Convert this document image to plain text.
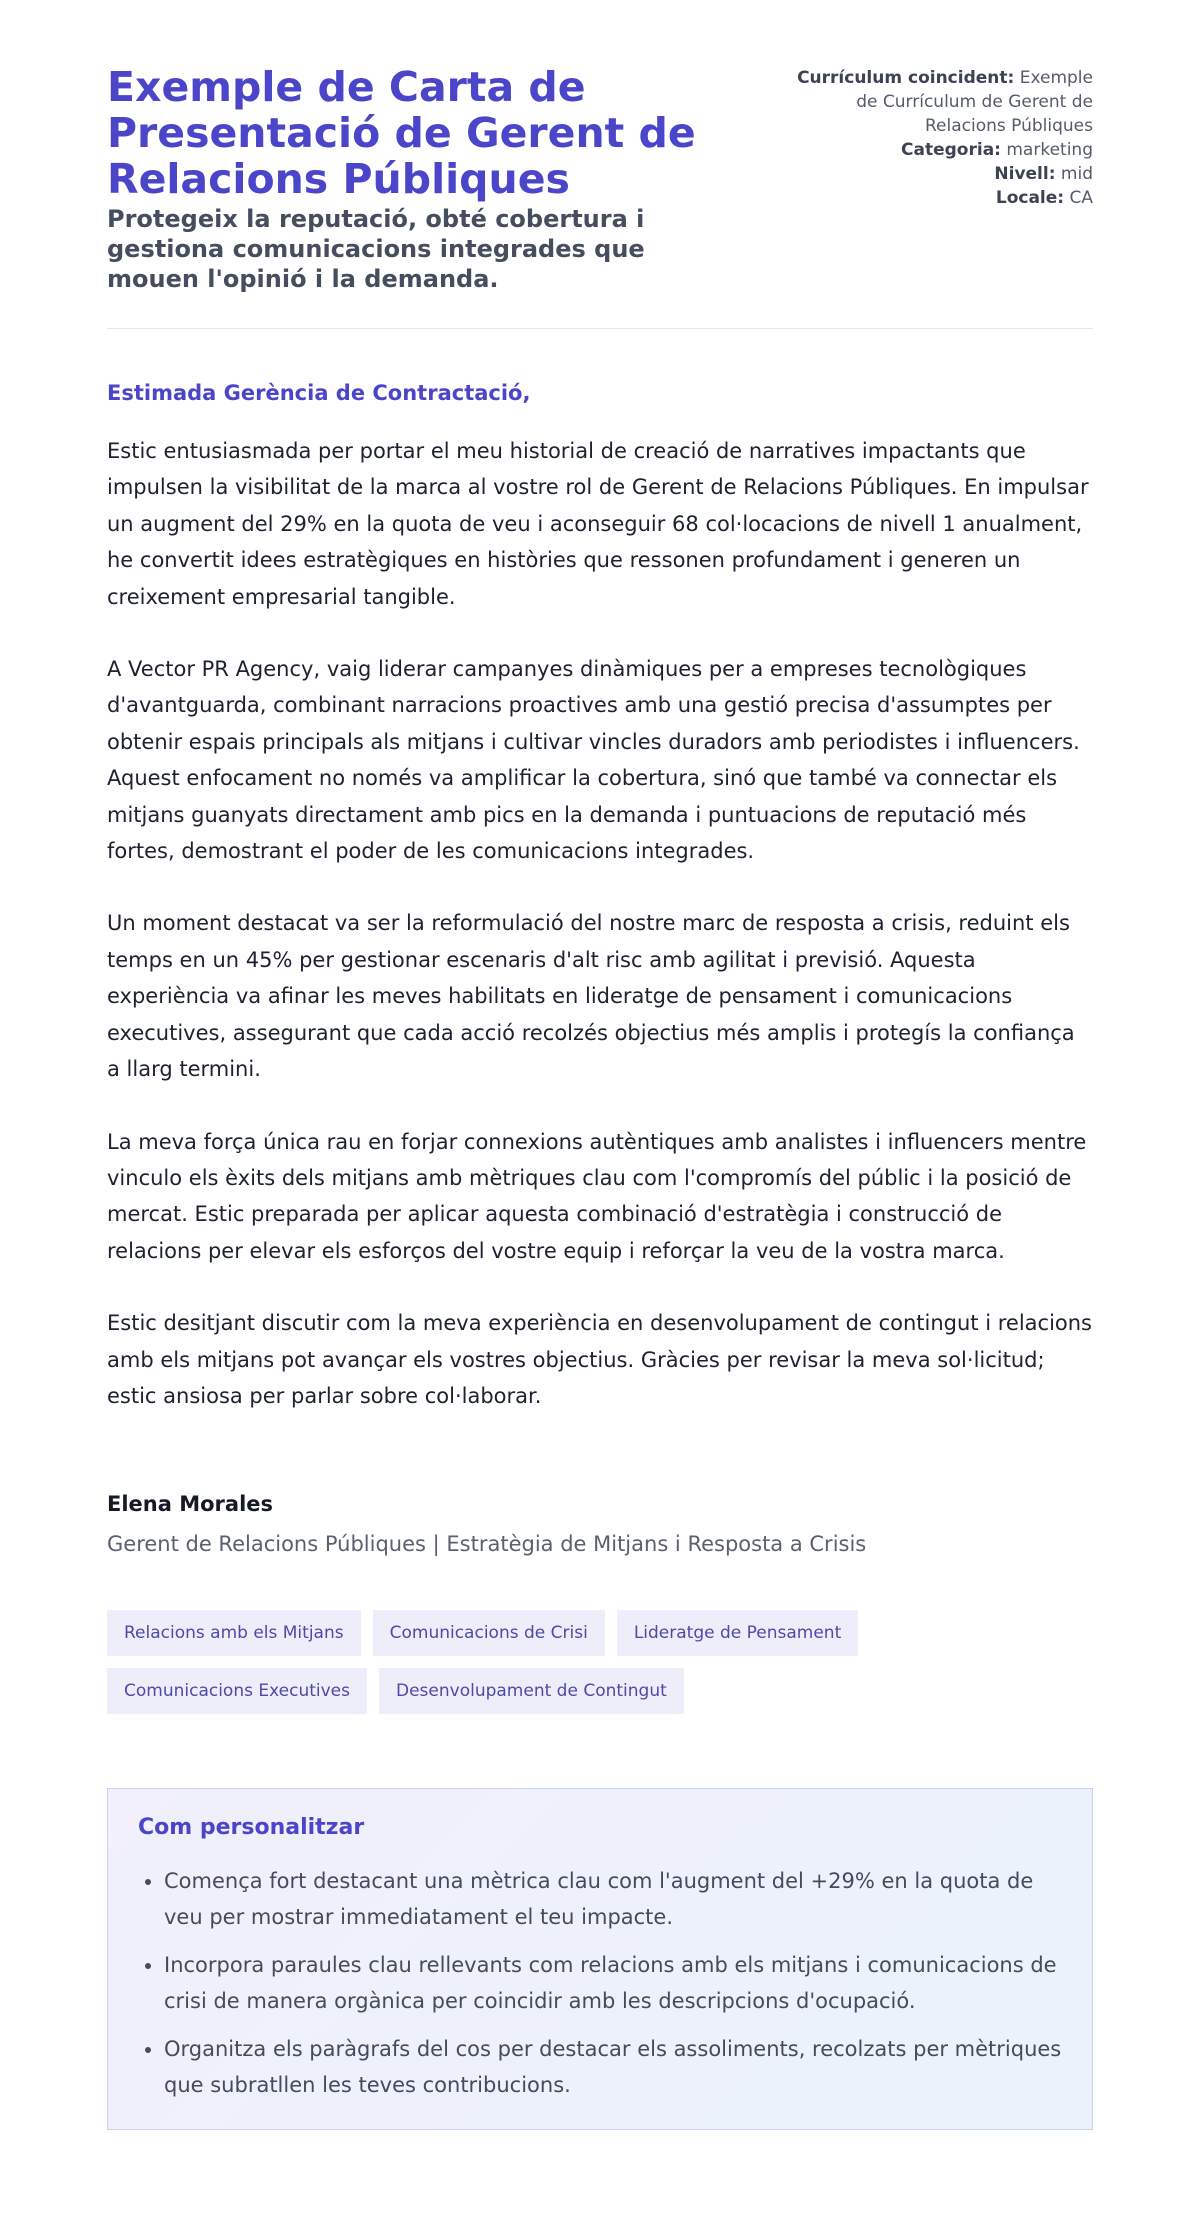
Exemple de Carta de Presentació de Gerent de Relacions Públiques

Protegeix la reputació, obté cobertura i gestiona comunicacions integrades que mouen l'opinió i la demanda.

Currículum coincident: Exemple de Currículum de Gerent de Relacions Públiques
Categoria: marketing
Nivell: mid
Locale: CA

Estimada Gerència de Contractació,

Estic entusiasmada per portar el meu historial de creació de narratives impactants que impulsen la visibilitat de la marca al vostre rol de Gerent de Relacions Públiques. En impulsar un augment del 29% en la quota de veu i aconseguir 68 col·locacions de nivell 1 anualment, he convertit idees estratègiques en històries que ressonen profundament i generen un creixement empresarial tangible.

A Vector PR Agency, vaig liderar campanyes dinàmiques per a empreses tecnològiques d'avantguarda, combinant narracions proactives amb una gestió precisa d'assumptes per obtenir espais principals als mitjans i cultivar vincles duradors amb periodistes i influencers. Aquest enfocament no només va amplificar la cobertura, sinó que també va connectar els mitjans guanyats directament amb pics en la demanda i puntuacions de reputació més fortes, demostrant el poder de les comunicacions integrades.

Un moment destacat va ser la reformulació del nostre marc de resposta a crisis, reduint els temps en un 45% per gestionar escenaris d'alt risc amb agilitat i previsió. Aquesta experiència va afinar les meves habilitats en lideratge de pensament i comunicacions executives, assegurant que cada acció recolzés objectius més amplis i protegís la confiança a llarg termini.

La meva força única rau en forjar connexions autèntiques amb analistes i influencers mentre vinculo els èxits dels mitjans amb mètriques clau com l'compromís del públic i la posició de mercat. Estic preparada per aplicar aquesta combinació d'estratègia i construcció de relacions per elevar els esforços del vostre equip i reforçar la veu de la vostra marca.

Estic desitjant discutir com la meva experiència en desenvolupament de contingut i relacions amb els mitjans pot avançar els vostres objectius. Gràcies per revisar la meva sol·licitud; estic ansiosa per parlar sobre col·laborar.

Elena Morales

Gerent de Relacions Públiques | Estratègia de Mitjans i Resposta a Crisis

Relacions amb els Mitjans	Comunicacions de Crisi	Lideratge de Pensament
Comunicacions Executives	Desenvolupament de Contingut
Com personalitzar
• Comença fort destacant una mètrica clau com l'augment del +29% en la quota de veu per mostrar immediatament el teu impacte.
• Incorpora paraules clau rellevants com relacions amb els mitjans i comunicacions de crisi de manera orgànica per coincidir amb les descripcions d'ocupació.
• Organitza els paràgrafs del cos per destacar els assoliments, recolzats per mètriques que subratllen les teves contribucions.
